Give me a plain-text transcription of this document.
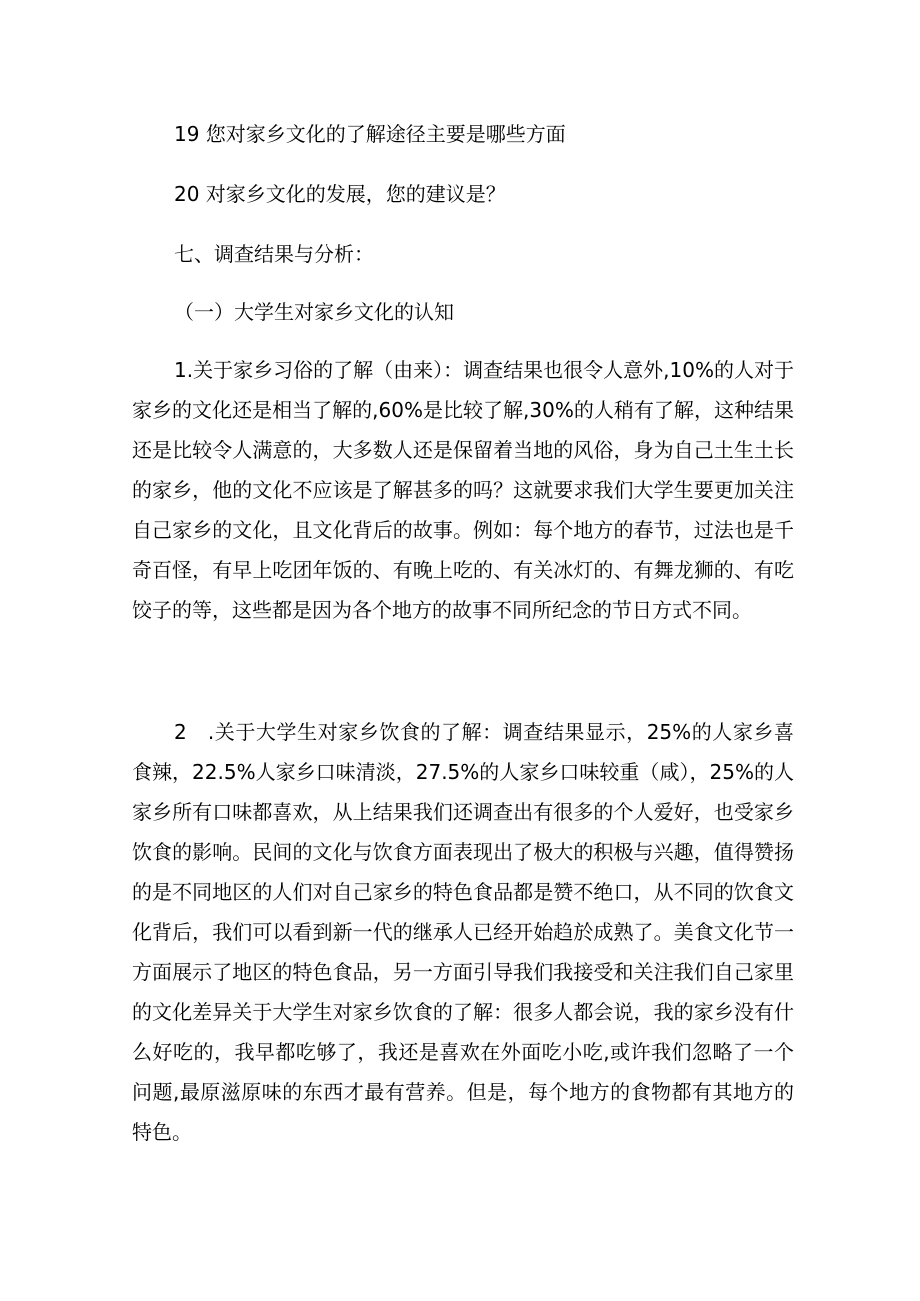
19 您对家乡文化的了解途径主要是哪些方面
20 对家乡文化的发展，您的建议是？
七、调查结果与分析：
（一）大学生对家乡文化的认知

1.关于家乡习俗的了解（由来）：调查结果也很令人意外,10%的人对于家乡的文化还是相当了解的,60%是比较了解,30%的人稍有了解，这种结果还是比较令人满意的，大多数人还是保留着当地的风俗，身为自己土生土长的家乡，他的文化不应该是了解甚多的吗？这就要求我们大学生要更加关注自己家乡的文化，且文化背后的故事。例如：每个地方的春节，过法也是千奇百怪，有早上吃团年饭的、有晚上吃的、有关冰灯的、有舞龙狮的、有吃饺子的等，这些都是因为各个地方的故事不同所纪念的节日方式不同。

2　.关于大学生对家乡饮食的了解：调查结果显示，25%的人家乡喜食辣，22.5%人家乡口味清淡，27.5%的人家乡口味较重（咸），25%的人家乡所有口味都喜欢，从上结果我们还调查出有很多的个人爱好，也受家乡饮食的影响。民间的文化与饮食方面表现出了极大的积极与兴趣，值得赞扬的是不同地区的人们对自己家乡的特色食品都是赞不绝口，从不同的饮食文化背后，我们可以看到新一代的继承人已经开始趋於成熟了。美食文化节一方面展示了地区的特色食品，另一方面引导我们我接受和关注我们自己家里的文化差异关于大学生对家乡饮食的了解：很多人都会说，我的家乡没有什么好吃的，我早都吃够了，我还是喜欢在外面吃小吃,或许我们忽略了一个问题,最原滋原味的东西才最有营养。但是，每个地方的食物都有其地方的特色。
